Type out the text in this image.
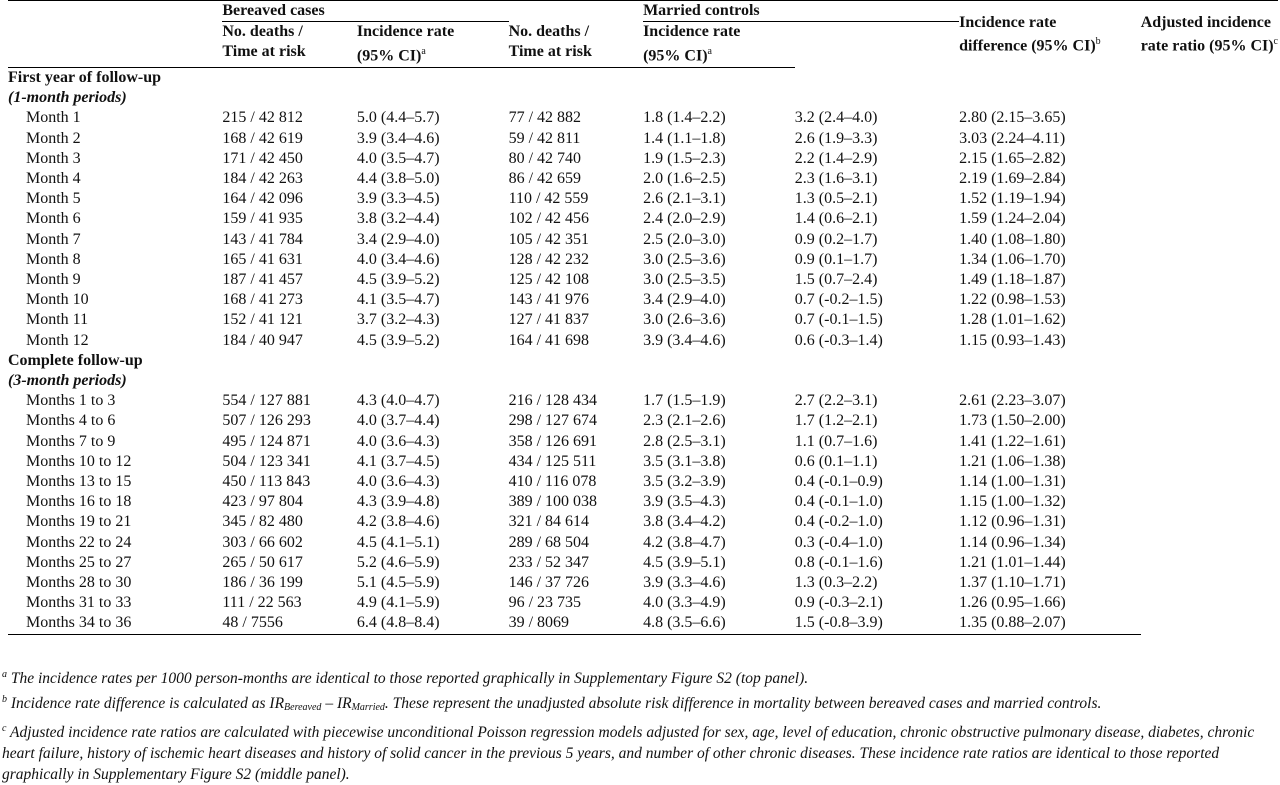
	Bereaved cases			Married controls		Incidence rate
difference (95% CI)$^b$	Adjusted incidence
rate ratio (95% CI)$^c$
	No. deaths /	Incidence rate	No. deaths /	Incidence rate			
	Time at risk	(95% CI)$^a$	Time at risk	(95% CI)$^a$
First year of follow-up							
(1-month periods)							
Month 1	215 / 42 812	5.0 (4.4–5.7)	77 / 42 882	1.8 (1.4–2.2)	3.2 (2.4–4.0)	2.80 (2.15–3.65)	
Month 2	168 / 42 619	3.9 (3.4–4.6)	59 / 42 811	1.4 (1.1–1.8)	2.6 (1.9–3.3)	3.03 (2.24–4.11)	
Month 3	171 / 42 450	4.0 (3.5–4.7)	80 / 42 740	1.9 (1.5–2.3)	2.2 (1.4–2.9)	2.15 (1.65–2.82)	
Month 4	184 / 42 263	4.4 (3.8–5.0)	86 / 42 659	2.0 (1.6–2.5)	2.3 (1.6–3.1)	2.19 (1.69–2.84)	
Month 5	164 / 42 096	3.9 (3.3–4.5)	110 / 42 559	2.6 (2.1–3.1)	1.3 (0.5–2.1)	1.52 (1.19–1.94)	
Month 6	159 / 41 935	3.8 (3.2–4.4)	102 / 42 456	2.4 (2.0–2.9)	1.4 (0.6–2.1)	1.59 (1.24–2.04)	
Month 7	143 / 41 784	3.4 (2.9–4.0)	105 / 42 351	2.5 (2.0–3.0)	0.9 (0.2–1.7)	1.40 (1.08–1.80)	
Month 8	165 / 41 631	4.0 (3.4–4.6)	128 / 42 232	3.0 (2.5–3.6)	0.9 (0.1–1.7)	1.34 (1.06–1.70)	
Month 9	187 / 41 457	4.5 (3.9–5.2)	125 / 42 108	3.0 (2.5–3.5)	1.5 (0.7–2.4)	1.49 (1.18–1.87)	
Month 10	168 / 41 273	4.1 (3.5–4.7)	143 / 41 976	3.4 (2.9–4.0)	0.7 (-0.2–1.5)	1.22 (0.98–1.53)	
Month 11	152 / 41 121	3.7 (3.2–4.3)	127 / 41 837	3.0 (2.6–3.6)	0.7 (-0.1–1.5)	1.28 (1.01–1.62)	
Month 12	184 / 40 947	4.5 (3.9–5.2)	164 / 41 698	3.9 (3.4–4.6)	0.6 (-0.3–1.4)	1.15 (0.93–1.43)	
Complete follow-up							
(3-month periods)							
Months 1 to 3	554 / 127 881	4.3 (4.0–4.7)	216 / 128 434	1.7 (1.5–1.9)	2.7 (2.2–3.1)	2.61 (2.23–3.07)	
Months 4 to 6	507 / 126 293	4.0 (3.7–4.4)	298 / 127 674	2.3 (2.1–2.6)	1.7 (1.2–2.1)	1.73 (1.50–2.00)	
Months 7 to 9	495 / 124 871	4.0 (3.6–4.3)	358 / 126 691	2.8 (2.5–3.1)	1.1 (0.7–1.6)	1.41 (1.22–1.61)	
Months 10 to 12	504 / 123 341	4.1 (3.7–4.5)	434 / 125 511	3.5 (3.1–3.8)	0.6 (0.1–1.1)	1.21 (1.06–1.38)	
Months 13 to 15	450 / 113 843	4.0 (3.6–4.3)	410 / 116 078	3.5 (3.2–3.9)	0.4 (-0.1–0.9)	1.14 (1.00–1.31)	
Months 16 to 18	423 / 97 804	4.3 (3.9–4.8)	389 / 100 038	3.9 (3.5–4.3)	0.4 (-0.1–1.0)	1.15 (1.00–1.32)	
Months 19 to 21	345 / 82 480	4.2 (3.8–4.6)	321 / 84 614	3.8 (3.4–4.2)	0.4 (-0.2–1.0)	1.12 (0.96–1.31)	
Months 22 to 24	303 / 66 602	4.5 (4.1–5.1)	289 / 68 504	4.2 (3.8–4.7)	0.3 (-0.4–1.0)	1.14 (0.96–1.34)	
Months 25 to 27	265 / 50 617	5.2 (4.6–5.9)	233 / 52 347	4.5 (3.9–5.1)	0.8 (-0.1–1.6)	1.21 (1.01–1.44)	
Months 28 to 30	186 / 36 199	5.1 (4.5–5.9)	146 / 37 726	3.9 (3.3–4.6)	1.3 (0.3–2.2)	1.37 (1.10–1.71)	
Months 31 to 33	111 / 22 563	4.9 (4.1–5.9)	96 / 23 735	4.0 (3.3–4.9)	0.9 (-0.3–2.1)	1.26 (0.95–1.66)	
Months 34 to 36	48 / 7556	6.4 (4.8–8.4)	39 / 8069	4.8 (3.5–6.6)	1.5 (-0.8–3.9)	1.35 (0.88–2.07)	

$^a$ The incidence rates per 1000 person-months are identical to those reported graphically in Supplementary Figure S2 (top panel).

$^b$ Incidence rate difference is calculated as IRBereaved – IRMarried. These represent the unadjusted absolute risk difference in mortality between bereaved cases and married controls.

$^c$ Adjusted incidence rate ratios are calculated with piecewise unconditional Poisson regression models adjusted for sex, age, level of education, chronic obstructive pulmonary disease, diabetes, chronic heart failure, history of ischemic heart diseases and history of solid cancer in the previous 5 years, and number of other chronic diseases. These incidence rate ratios are identical to those reported graphically in Supplementary Figure S2 (middle panel).
